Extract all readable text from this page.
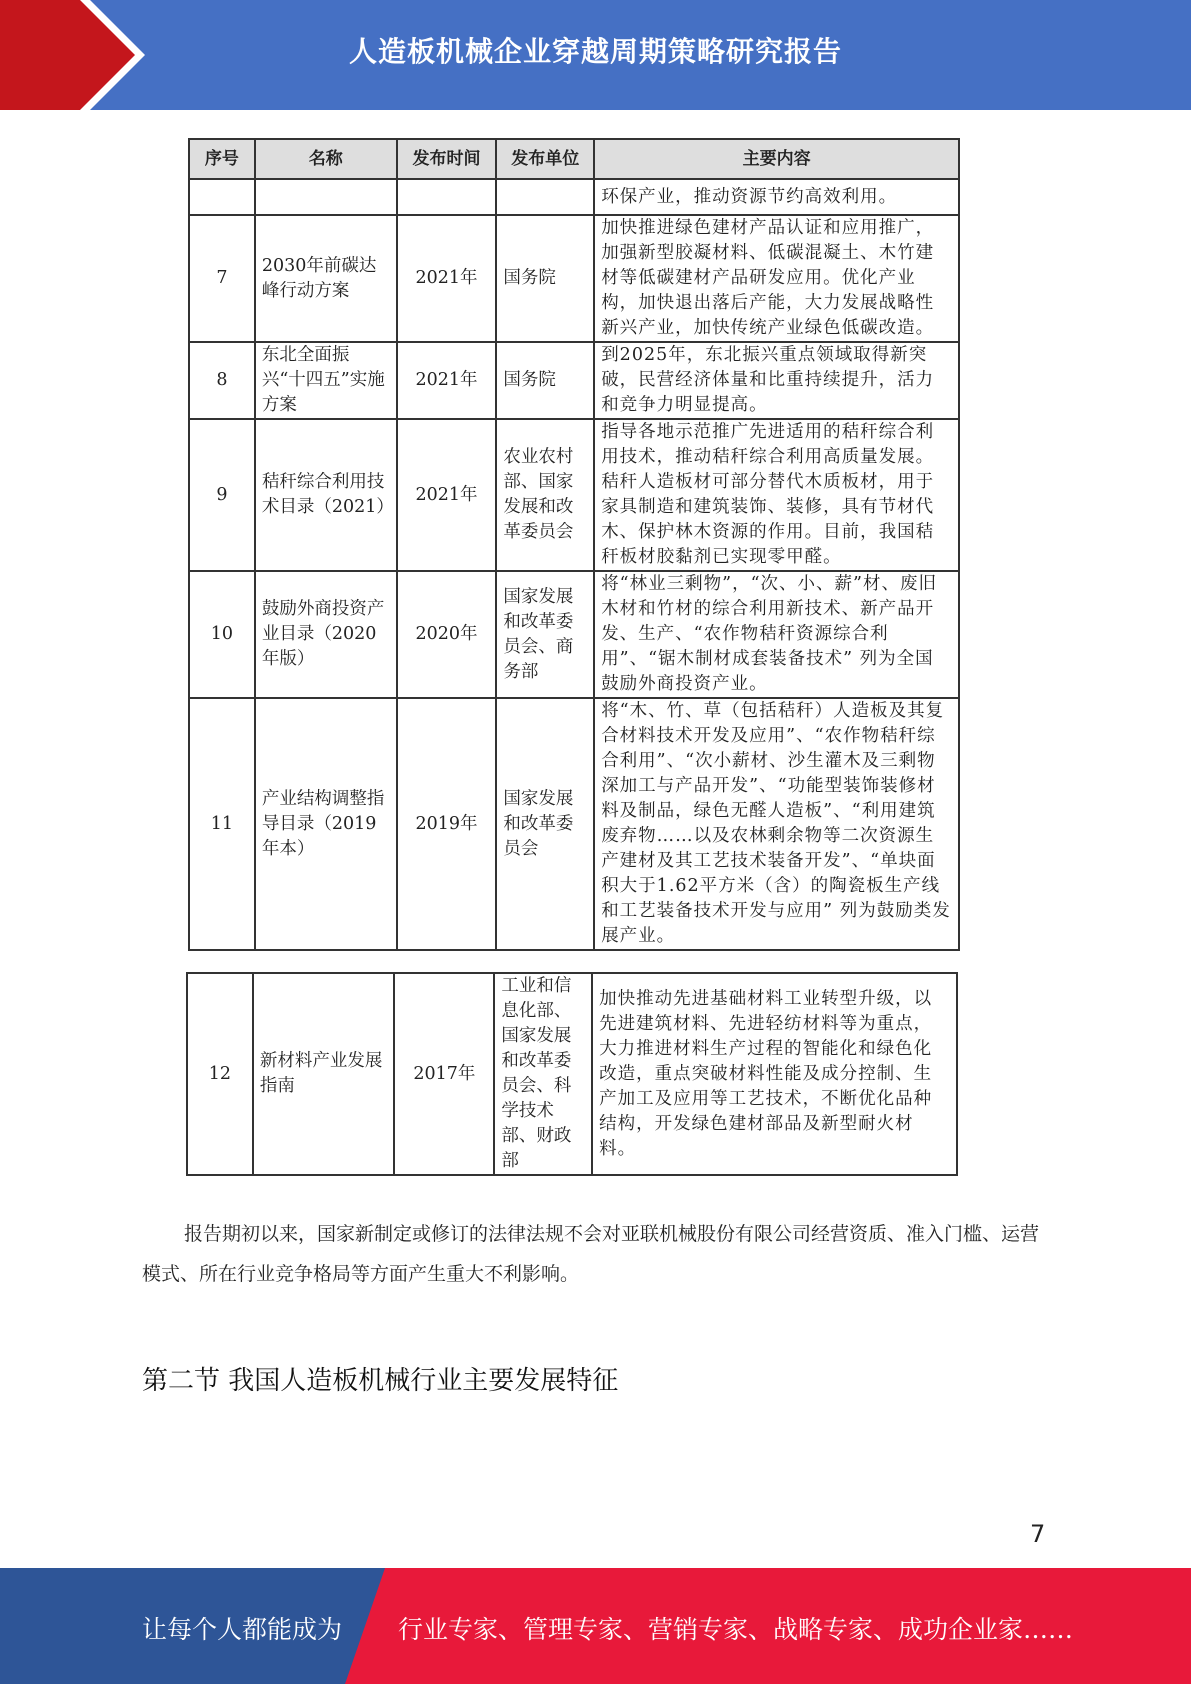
人造板机械企业穿越周期策略研究报告
序号	名称	发布时间	发布单位	主要内容
				环保产业，推动资源节约高效利用。
7	2030年前碳达峰行动方案	2021年	国务院	加快推进绿色建材产品认证和应用推广，加强新型胶凝材料、低碳混凝土、木竹建材等低碳建材产品研发应用。优化产业构，加快退出落后产能，大力发展战略性新兴产业，加快传统产业绿色低碳改造。
8	东北全面振兴“十四五”实施方案	2021年	国务院	到2025年，东北振兴重点领域取得新突破，民营经济体量和比重持续提升，活力和竞争力明显提高。
9	秸秆综合利用技术目录（2021）	2021年	农业农村部、国家发展和改革委员会	指导各地示范推广先进适用的秸秆综合利用技术，推动秸秆综合利用高质量发展。秸秆人造板材可部分替代木质板材，用于家具制造和建筑装饰、装修，具有节材代木、保护林木资源的作用。目前，我国秸秆板材胶黏剂已实现零甲醛。
10	鼓励外商投资产业目录（2020年版）	2020年	国家发展和改革委员会、商务部	将“林业三剩物”，“次、小、薪”材、废旧木材和竹材的综合利用新技术、新产品开发、生产、“农作物秸秆资源综合利用”、“锯木制材成套装备技术” 列为全国鼓励外商投资产业。
11	产业结构调整指导目录（2019年本）	2019年	国家发展和改革委员会	将“木、竹、草（包括秸秆）人造板及其复合材料技术开发及应用”、“农作物秸秆综合利用”、“次小薪材、沙生灌木及三剩物深加工与产品开发”、“功能型装饰装修材料及制品，绿色无醛人造板”、“利用建筑废弃物……以及农林剩余物等二次资源生产建材及其工艺技术装备开发”、“单块面积大于1.62平方米（含）的陶瓷板生产线和工艺装备技术开发与应用” 列为鼓励类发展产业。
12	新材料产业发展指南	2017年	工业和信息化部、国家发展和改革委员会、科学技术部、财政部	加快推动先进基础材料工业转型升级，以先进建筑材料、先进轻纺材料等为重点，大力推进材料生产过程的智能化和绿色化改造，重点突破材料性能及成分控制、生产加工及应用等工艺技术，不断优化品种结构，开发绿色建材部品及新型耐火材料。
报告期初以来，国家新制定或修订的法律法规不会对亚联机械股份有限公司经营资质、准入门槛、运营模式、所在行业竞争格局等方面产生重大不利影响。
第二节 我国人造板机械行业主要发展特征
7
让每个人都能成为 行业专家、管理专家、营销专家、战略专家、成功企业家……
